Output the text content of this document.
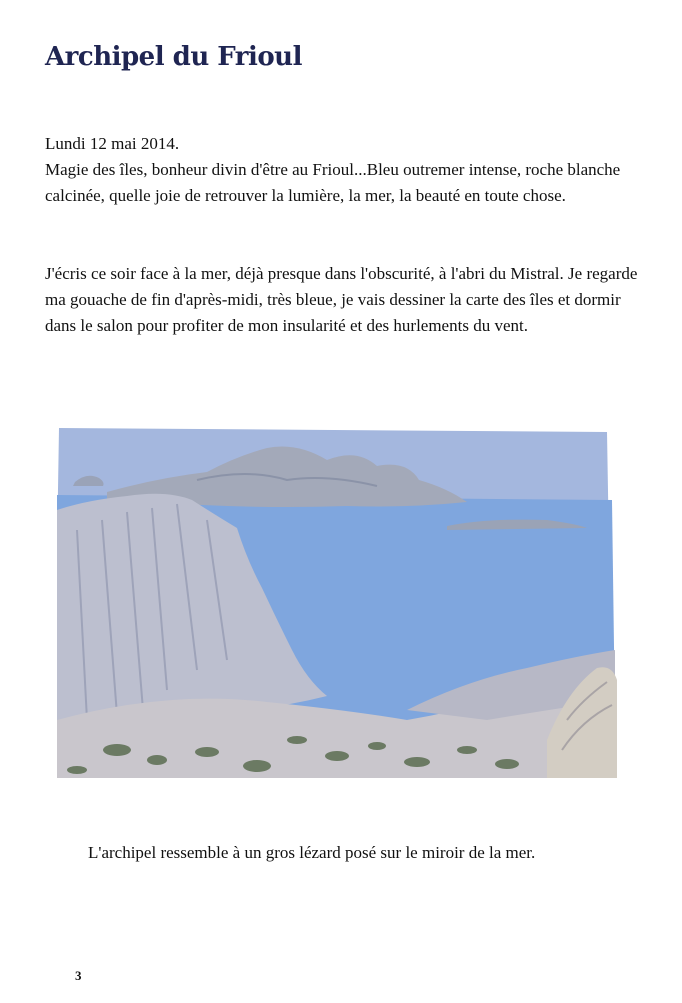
Archipel du Frioul
Lundi 12 mai 2014.
Magie des îles, bonheur divin d'être au Frioul...Bleu outremer intense, roche blanche calcinée, quelle joie de retrouver la lumière, la mer, la beauté en toute chose.
J'écris ce soir face à la mer, déjà presque dans l'obscurité, à l'abri du Mistral. Je regarde ma gouache de fin d'après-midi, très bleue, je vais dessiner la carte des îles et dormir dans le salon pour profiter de mon insularité et des hurlements du vent.
L'archipel ressemble à un gros lézard posé sur le miroir de la mer.
3
